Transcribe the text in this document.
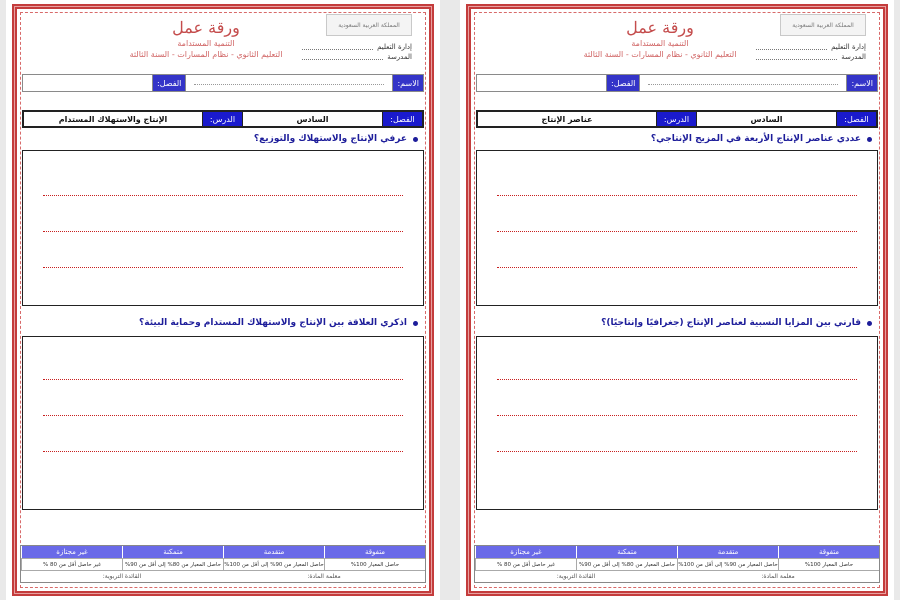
المملكة العربية السعودية
إدارة التعليم
المدرسة
ورقة عمل
التنمية المستدامة
التعليم الثانوي - نظام المسارات - السنة الثالثة
الاسم:
الفصل:
الفصل:
السادس
الدرس:
الإنتاج والاستهلاك المستدام
عرفي الإنتاج والاستهلاك والتوزيع؟
اذكري العلاقة بين الإنتاج والاستهلاك المستدام وحماية البيئة؟
متفوقة
متقدمة
متمكنة
غير مجتازة
حاصل المعيار 100%
حاصل المعيار من 90% إلى أقل من 100%
حاصل المعيار من 80% إلى أقل من 90%
غير حاصل أقل من 80 %
معلمة المادة:
القائدة التربوية:
المملكة العربية السعودية
إدارة التعليم
المدرسة
ورقة عمل
التنمية المستدامة
التعليم الثانوي - نظام المسارات - السنة الثالثة
الاسم:
الفصل:
الفصل:
السادس
الدرس:
عناصر الإنتاج
عددي عناصر الإنتاج الأربعة في المزيج الإنتاجي؟
قارني بين المزايا النسبية لعناصر الإنتاج (جغرافيًا وإنتاجيًا)؟
متفوقة
متقدمة
متمكنة
غير مجتازة
حاصل المعيار 100%
حاصل المعيار من 90% إلى أقل من 100%
حاصل المعيار من 80% إلى أقل من 90%
غير حاصل أقل من 80 %
معلمة المادة:
القائدة التربوية:
